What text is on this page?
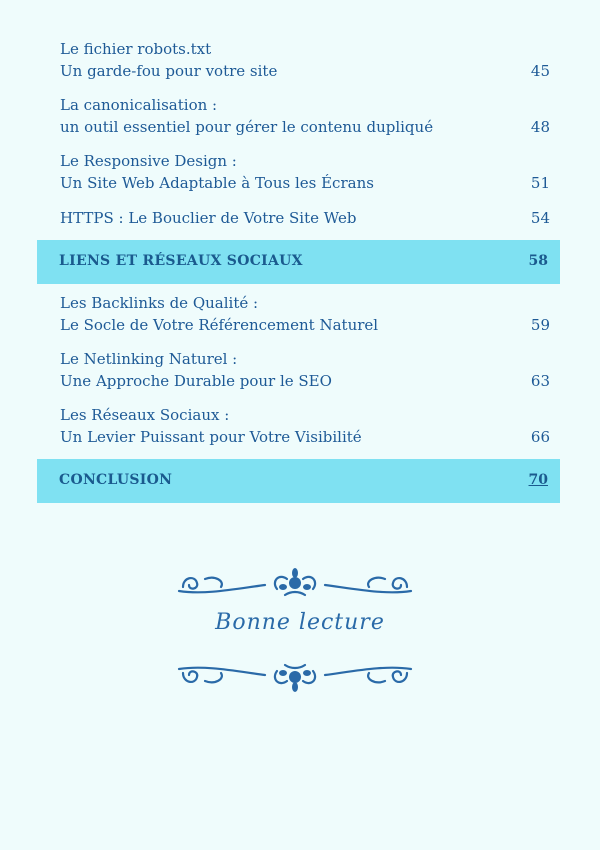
Le fichier robots.txt
Un garde-fou pour votre site	45
La canonicalisation :
un outil essentiel pour gérer le contenu dupliqué	48
Le Responsive Design :
Un Site Web Adaptable à Tous les Écrans	51
HTTPS : Le Bouclier de Votre Site Web	54
LIENS ET RÉSEAUX SOCIAUX	58
Les Backlinks de Qualité :
Le Socle de Votre Référencement Naturel	59
Le Netlinking Naturel :
Une Approche Durable pour le SEO	63
Les Réseaux Sociaux :
Un Levier Puissant pour Votre Visibilité	66
CONCLUSION	70
Bonne lecture
